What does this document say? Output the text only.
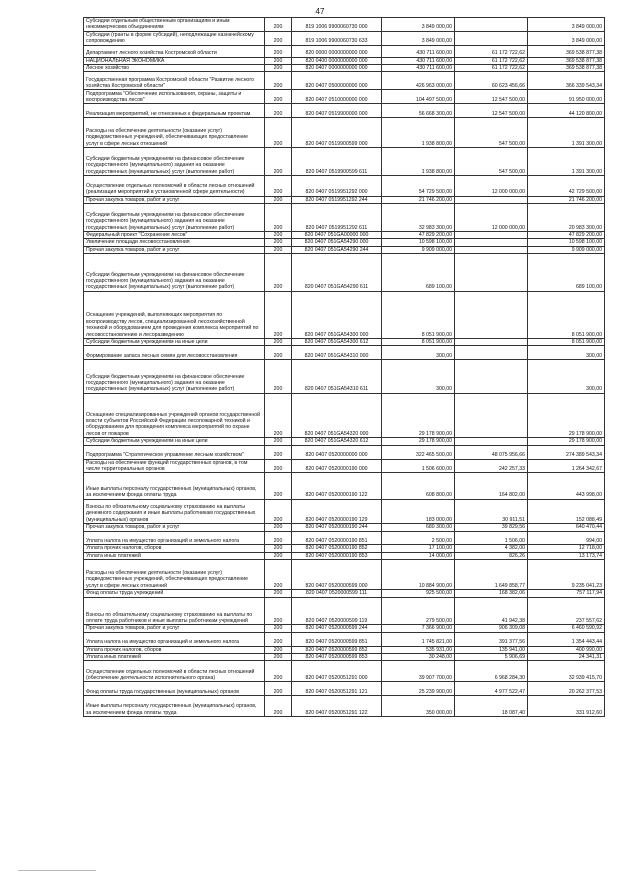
47
Субсидии отдельным общественным организациям и иным некоммерческим объединениям	200	819 1006 9900060730 000	3 849 000,00		3 849 000,00
Субсидии (гранты в форме субсидий), неподлежащие казначейскому сопровождению	200	819 1006 9900060730 633	3 849 000,00		3 849 000,00
Департамент лесного хозяйства Костромской области	200	820 0000 0000000000 000	430 711 600,00	61 172 722,62	369 538 877,38
НАЦИОНАЛЬНАЯ ЭКОНОМИКА	200	820 0400 0000000000 000	430 711 600,00	61 172 722,62	369 538 877,38
Лесное хозяйство	200	820 0407 0000000000 000	430 711 600,00	61 172 722,62	369 538 877,38
Государственная программа Костромской области "Развитие лесного хозяйства Костромской области"	200	820 0407 0500000000 000	426 963 000,00	60 623 456,66	366 339 543,34
Подпрограмма "Обеспечение использования, охраны, защиты и воспроизводства лесов"	200	820 0407 0510000000 000	104 497 500,00	12 547 500,00	91 950 000,00
Реализация мероприятий, не отнесенных к федеральным проектам	200	820 0407 0519900000 000	56 668 300,00	12 547 500,00	44 120 800,00
Расходы на обеспечение деятельности (оказание услуг) подведомственных учреждений, обеспечивающих предоставление услуг в сфере лесных отношений	200	820 0407 0519900599 000	1 938 800,00	547 500,00	1 391 300,00
Субсидии бюджетным учреждениям на финансовое обеспечение государственного (муниципального) задания на оказание государственных (муниципальных) услуг (выполнение работ)	200	820 0407 0519900599 611	1 938 800,00	547 500,00	1 391 300,00
Осуществление отдельных полномочий в области лесных отношений (реализация мероприятий в установленной сфере деятельности)	200	820 0407 0519951292 000	54 729 500,00	12 000 000,00	42 729 500,00
Прочая закупка товаров, работ и услуг	200	820 0407 0519951292 244	21 746 200,00		21 746 200,00
Субсидии бюджетным учреждениям на финансовое обеспечение государственного (муниципального) задания на оказание государственных (муниципальных) услуг (выполнение работ)	200	820 0407 0519951292 611	32 983 300,00	12 000 000,00	20 983 300,00
Федеральный проект "Сохранение лесов"	200	820 0407 051GA00000 000	47 829 200,00		47 829 200,00
Увеличение площади лесовосстановления	200	820 0407 051GA54290 000	10 598 100,00		10 598 100,00
Прочая закупка товаров, работ и услуг	200	820 0407 051GA54290 244	9 909 000,00		9 909 000,00
Субсидии бюджетным учреждениям на финансовое обеспечение государственного (муниципального) задания на оказание государственных (муниципальных) услуг (выполнение работ)	200	820 0407 051GA54290 611	689 100,00		689 100,00
Оснащение учреждений, выполняющих мероприятия по воспроизводству лесов, специализированной лесохозяйственной техникой и оборудованием для проведения комплекса мероприятий по лесовосстановлению и лесоразведению	200	820 0407 051GA54300 000	8 051 900,00		8 051 900,00
Субсидии бюджетным учреждениям на иные цели	200	820 0407 051GA54300 612	8 051 900,00		8 051 900,00
Формирование запаса лесных семян для лесовосстановления	200	820 0407 051GA54310 000	300,00		300,00
Субсидии бюджетным учреждениям на финансовое обеспечение государственного (муниципального) задания на оказание государственных (муниципальных) услуг (выполнение работ)	200	820 0407 051GA54310 611	300,00		300,00
Оснащение специализированных учреждений органов государственной власти субъектов Российской Федерации лесопожарной техникой и оборудованием для проведения комплекса мероприятий по охране лесов от пожаров	200	820 0407 051GA54320 000	29 178 900,00		29 178 900,00
Субсидии бюджетным учреждениям на иные цели	200	820 0407 051GA54320 612	29 178 900,00		29 178 900,00
Подпрограмма "Стратегическое управление лесным хозяйством"	200	820 0407 0520000000 000	322 465 500,00	48 075 956,66	274 389 543,34
Расходы на обеспечение функций государственных органов, в том числе территориальных органов	200	820 0407 0520000190 000	1 506 600,00	242 257,33	1 264 342,67
Иные выплаты персоналу государственных (муниципальных) органов, за исключением фонда оплаты труда	200	820 0407 0520000190 122	608 800,00	164 802,00	443 998,00
Взносы по обязательному социальному страхованию на выплаты денежного содержания и иные выплаты работникам государственных (муниципальных) органов	200	820 0407 0520000190 129	183 000,00	30 911,51	152 088,49
Прочая закупка товаров, работ и услуг	200	820 0407 0520000190 244	680 300,00	39 829,56	640 470,44
Уплата налога на имущество организаций и земельного налога	200	820 0407 0520000190 851	2 500,00	1 506,00	994,00
Уплата прочих налогов, сборов	200	820 0407 0520000190 852	17 100,00	4 382,00	12 718,00
Уплата иных платежей	200	820 0407 0520000190 853	14 000,00	826,26	13 173,74
Расходы на обеспечение деятельности (оказание услуг) подведомственных учреждений, обеспечивающих предоставление услуг в сфере лесных отношений	200	820 0407 0520000599 000	10 884 900,00	1 649 858,77	9 235 041,23
Фонд оплаты труда учреждений	200	820 0407 0520000599 111	925 500,00	168 382,06	757 117,94
Взносы по обязательному социальному страхованию на выплаты по оплате труда работников и иные выплаты работникам учреждений	200	820 0407 0520000599 119	279 500,00	41 942,38	237 557,62
Прочая закупка товаров, работ и услуг	200	820 0407 0520000599 244	7 366 900,00	906 309,08	6 460 590,92
Уплата налога на имущество организаций и земельного налога	200	820 0407 0520000599 851	1 745 821,00	391 377,56	1 354 443,44
Уплата прочих налогов, сборов	200	820 0407 0520000599 852	535 931,00	135 941,00	400 990,00
Уплата иных платежей	200	820 0407 0520000599 853	30 248,00	5 906,69	24 341,31
Осуществление отдельных полномочий в области лесных отношений (обеспечение деятельности исполнительного органа)	200	820 0407 0520051291 000	39 907 700,00	6 968 284,30	32 939 415,70
Фонд оплаты труда государственных (муниципальных) органов	200	820 0407 0520051291 121	25 239 900,00	4 977 522,47	20 262 377,53
Иные выплаты персоналу государственных (муниципальных) органов, за исключением фонда оплаты труда	200	820 0407 0520051291 122	350 000,00	18 087,40	331 912,60
